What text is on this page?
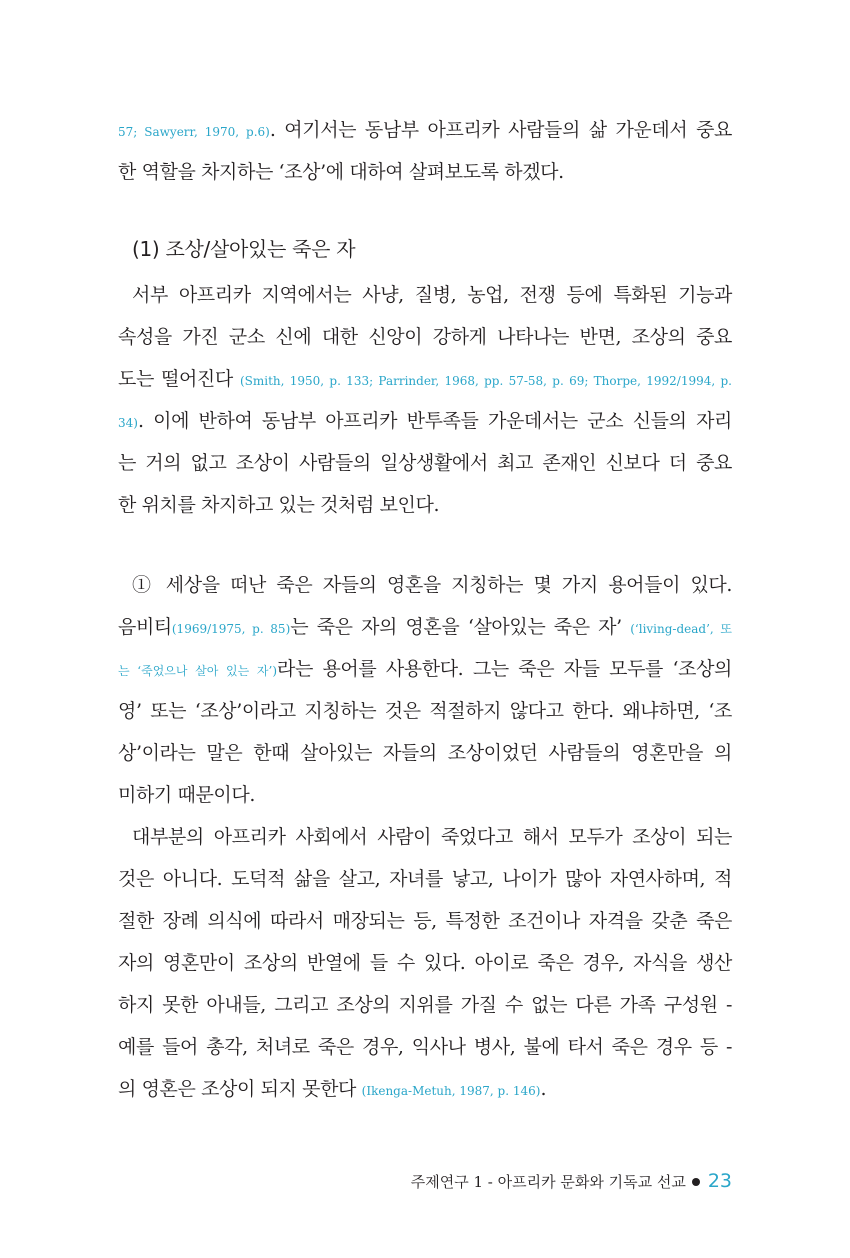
57; Sawyerr, 1970, p.6). 여기서는 동남부 아프리카 사람들의 삶 가운데서 중요
한 역할을 차지하는 ‘조상’에 대하여 살펴보도록 하겠다.
(1) 조상/살아있는 죽은 자
서부 아프리카 지역에서는 사냥, 질병, 농업, 전쟁 등에 특화된 기능과
속성을 가진 군소 신에 대한 신앙이 강하게 나타나는 반면, 조상의 중요
도는 떨어진다 (Smith, 1950, p. 133; Parrinder, 1968, pp. 57-58, p. 69; Thorpe, 1992/1994, p.
34). 이에 반하여 동남부 아프리카 반투족들 가운데서는 군소 신들의 자리
는 거의 없고 조상이 사람들의 일상생활에서 최고 존재인 신보다 더 중요
한 위치를 차지하고 있는 것처럼 보인다.
① 세상을 떠난 죽은 자들의 영혼을 지칭하는 몇 가지 용어들이 있다.
음비티(1969/1975, p. 85)는 죽은 자의 영혼을 ‘살아있는 죽은 자’ (‘living-dead’, 또
는 ‘죽었으나 살아 있는 자’)라는 용어를 사용한다. 그는 죽은 자들 모두를 ‘조상의
영’ 또는 ‘조상’이라고 지칭하는 것은 적절하지 않다고 한다. 왜냐하면, ‘조
상’이라는 말은 한때 살아있는 자들의 조상이었던 사람들의 영혼만을 의
미하기 때문이다.
대부분의 아프리카 사회에서 사람이 죽었다고 해서 모두가 조상이 되는
것은 아니다. 도덕적 삶을 살고, 자녀를 낳고, 나이가 많아 자연사하며, 적
절한 장례 의식에 따라서 매장되는 등, 특정한 조건이나 자격을 갖춘 죽은
자의 영혼만이 조상의 반열에 들 수 있다. 아이로 죽은 경우, 자식을 생산
하지 못한 아내들, 그리고 조상의 지위를 가질 수 없는 다른 가족 구성원 -
예를 들어 총각, 처녀로 죽은 경우, 익사나 병사, 불에 타서 죽은 경우 등 -
의 영혼은 조상이 되지 못한다 (Ikenga-Metuh, 1987, p. 146).
주제연구 1 - 아프리카 문화와 기독교 선교 23
